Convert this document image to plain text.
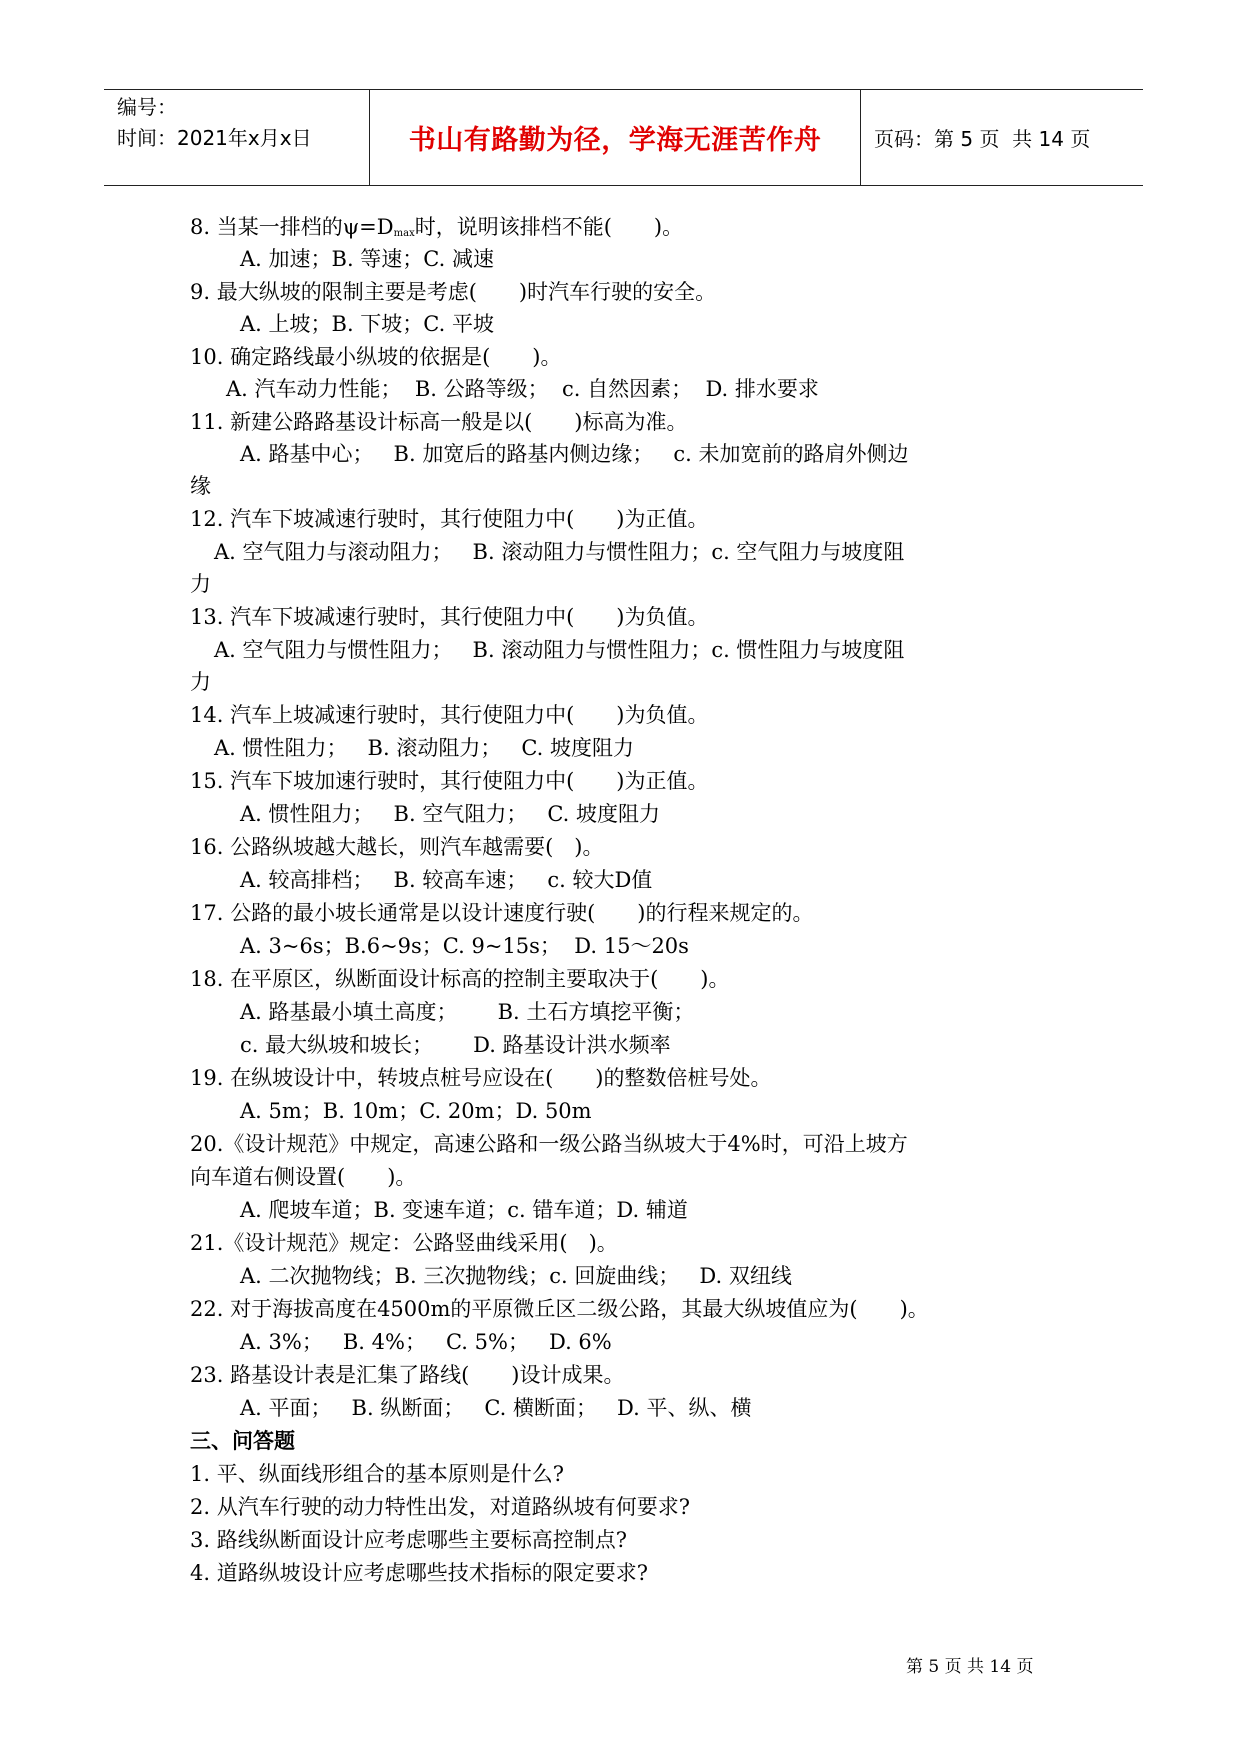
编号：
时间：2021年x月x日	书山有路勤为径，学海无涯苦作舟	页码：第 5 页  共 14 页
8. 当某一排档的$\psi=D_{max}$时，说明该排档不能(　　)。
A. 加速；B. 等速；C. 减速
9. 最大纵坡的限制主要是考虑(　　)时汽车行驶的安全。
A. 上坡；B. 下坡；C. 平坡
10. 确定路线最小纵坡的依据是(　　)。
A. 汽车动力性能；  B. 公路等级；  c. 自然因素；  D. 排水要求
11. 新建公路路基设计标高一般是以(　　)标高为准。
A. 路基中心；   B. 加宽后的路基内侧边缘；   c. 未加宽前的路肩外侧边
缘
12. 汽车下坡减速行驶时，其行使阻力中(　　)为正值。
A. 空气阻力与滚动阻力；   B. 滚动阻力与惯性阻力；c. 空气阻力与坡度阻
力
13. 汽车下坡减速行驶时，其行使阻力中(　　)为负值。
A. 空气阻力与惯性阻力；   B. 滚动阻力与惯性阻力；c. 惯性阻力与坡度阻
力
14. 汽车上坡减速行驶时，其行使阻力中(　　)为负值。
A. 惯性阻力；   B. 滚动阻力；   C. 坡度阻力
15. 汽车下坡加速行驶时，其行使阻力中(　　)为正值。
A. 惯性阻力；   B. 空气阻力；   C. 坡度阻力
16. 公路纵坡越大越长，则汽车越需要(　)。
A. 较高排档；   B. 较高车速；   c. 较大D值
17. 公路的最小坡长通常是以设计速度行驶(　　)的行程来规定的。
A. 3~6s；B.6~9s；C. 9~15s；  D. 15～20s
18. 在平原区，纵断面设计标高的控制主要取决于(　　)。
A. 路基最小填土高度；      B. 土石方填挖平衡；
c. 最大纵坡和坡长；      D. 路基设计洪水频率
19. 在纵坡设计中，转坡点桩号应设在(　　)的整数倍桩号处。
A. 5m；B. 10m；C. 20m；D. 50m
20.《设计规范》中规定，高速公路和一级公路当纵坡大于4%时，可沿上坡方
向车道右侧设置(　　)。
A. 爬坡车道；B. 变速车道；c. 错车道；D. 辅道
21.《设计规范》规定：公路竖曲线采用(　)。
A. 二次抛物线；B. 三次抛物线；c. 回旋曲线；   D. 双纽线
22. 对于海拔高度在4500m的平原微丘区二级公路，其最大纵坡值应为(　　)。
A. 3%；   B. 4%；   C. 5%；   D. 6%
23. 路基设计表是汇集了路线(　　)设计成果。
A. 平面；   B. 纵断面；   C. 横断面；   D. 平、纵、横
三、问答题
1. 平、纵面线形组合的基本原则是什么?
2. 从汽车行驶的动力特性出发，对道路纵坡有何要求?
3. 路线纵断面设计应考虑哪些主要标高控制点?
4. 道路纵坡设计应考虑哪些技术指标的限定要求?
第 5 页 共 14 页
